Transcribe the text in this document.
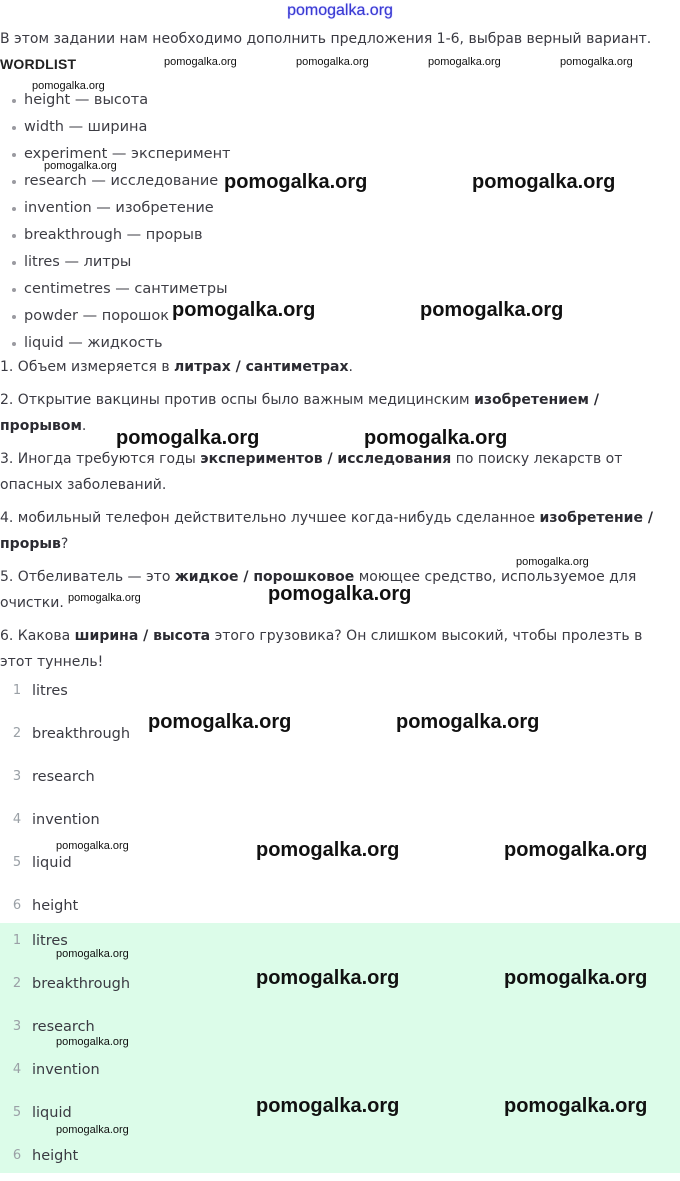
pomogalka.org
В этом задании нам необходимо дополнить предложения 1-6, выбрав верный вариант.
WORDLIST
height — высота
width — ширина
experiment — эксперимент
research — исследование
invention — изобретение
breakthrough — прорыв
litres — литры
centimetres — сантиметры
powder — порошок
liquid — жидкость

1. Объем измеряется в литрах / сантиметрах.

2. Открытие вакцины против оспы было важным медицинским изобретением / прорывом.

3. Иногда требуются годы экспериментов / исследования по поиску лекарств от опасных заболеваний.

4. мобильный телефон действительно лучшее когда-нибудь сделанное изобретение / прорыв?

5. Отбеливатель — это жидкое / порошковое моющее средство, используемое для очистки.

6. Какова ширина / высота этого грузовика? Он слишком высокий, чтобы пролезть в этот туннель!

1 litres
2 breakthrough
3 research
4 invention
5 liquid
6 height
1 litres
2 breakthrough
3 research
4 invention
5 liquid
6 height
pomogalka.org	pomogalka.org	pomogalka.org	pomogalka.org
pomogalka.org
pomogalka.org
pomogalka.org	pomogalka.org
pomogalka.org	pomogalka.org
pomogalka.org	pomogalka.org
pomogalka.org
pomogalka.org	pomogalka.org
pomogalka.org	pomogalka.org
pomogalka.org	pomogalka.org	pomogalka.org
pomogalka.org
pomogalka.org	pomogalka.org
pomogalka.org
pomogalka.org	pomogalka.org
pomogalka.org
